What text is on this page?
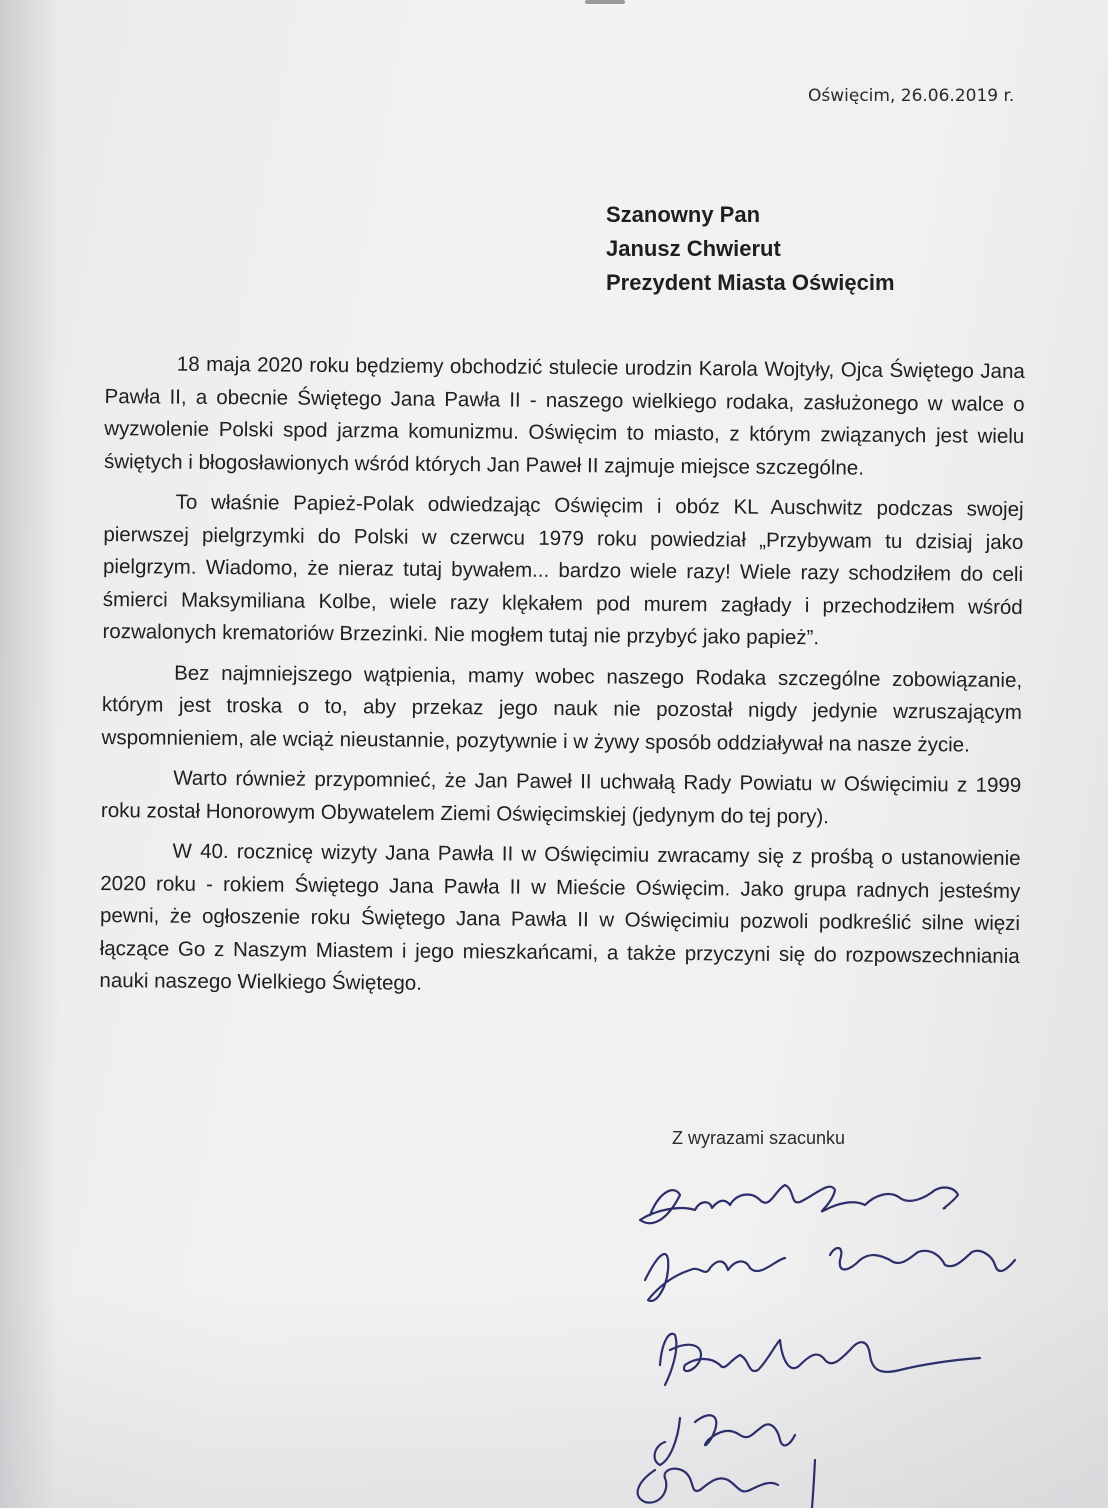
Oświęcim, 26.06.2019 r.
Szanowny Pan
Janusz Chwierut
Prezydent Miasta Oświęcim

18 maja 2020 roku będziemy obchodzić stulecie urodzin Karola Wojtyły, Ojca Świętego Jana Pawła II, a obecnie Świętego Jana Pawła II - naszego wielkiego rodaka, zasłużonego w walce o wyzwolenie Polski spod jarzma komunizmu. Oświęcim to miasto, z którym związanych jest wielu świętych i błogosławionych wśród których Jan Paweł II zajmuje miejsce szczególne.

To właśnie Papież-Polak odwiedzając Oświęcim i obóz KL Auschwitz podczas swojej pierwszej pielgrzymki do Polski w czerwcu 1979 roku powiedział „Przybywam tu dzisiaj jako pielgrzym. Wiadomo, że nieraz tutaj bywałem... bardzo wiele razy! Wiele razy schodziłem do celi śmierci Maksymiliana Kolbe, wiele razy klękałem pod murem zagłady i przechodziłem wśród rozwalonych krematoriów Brzezinki. Nie mogłem tutaj nie przybyć jako papież”.

Bez najmniejszego wątpienia, mamy wobec naszego Rodaka szczególne zobowiązanie, którym jest troska o to, aby przekaz jego nauk nie pozostał nigdy jedynie wzruszającym wspomnieniem, ale wciąż nieustannie, pozytywnie i w żywy sposób oddziaływał na nasze życie.

Warto również przypomnieć, że Jan Paweł II uchwałą Rady Powiatu w Oświęcimiu z 1999 roku został Honorowym Obywatelem Ziemi Oświęcimskiej (jedynym do tej pory).

W 40. rocznicę wizyty Jana Pawła II w Oświęcimiu zwracamy się z prośbą o ustanowienie 2020 roku - rokiem Świętego Jana Pawła II w Mieście Oświęcim. Jako grupa radnych jesteśmy pewni, że ogłoszenie roku Świętego Jana Pawła II w Oświęcimiu pozwoli podkreślić silne więzi łączące Go z Naszym Miastem i jego mieszkańcami, a także przyczyni się do rozpowszechniania nauki naszego Wielkiego Świętego.

Z wyrazami szacunku
